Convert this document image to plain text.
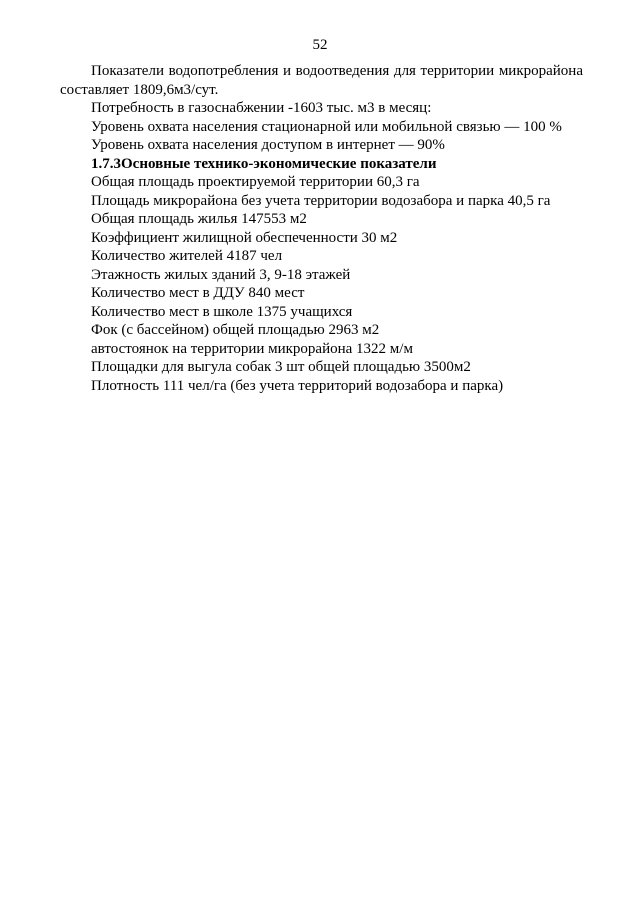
52
Показатели водопотребления и водоотведения для территории микрорайона
составляет 1809,6м3/сут.
Потребность в газоснабжении -1603 тыс. м3 в месяц:
Уровень охвата населения стационарной или мобильной связью — 100 %
Уровень охвата населения доступом в интернет — 90%
1.7.3Основные технико-экономические показатели
Общая площадь проектируемой территории 60,3 га
Площадь микрорайона без учета территории водозабора и парка 40,5 га
Общая площадь жилья 147553 м2
Коэффициент жилищной обеспеченности 30 м2
Количество жителей 4187 чел
Этажность жилых зданий 3, 9-18 этажей
Количество мест в ДДУ 840 мест
Количество мест в школе 1375 учащихся
Фок (с бассейном) общей площадью 2963 м2
автостоянок на территории микрорайона 1322 м/м
Площадки для выгула собак 3 шт общей площадью 3500м2
Плотность 111 чел/га (без учета территорий водозабора и парка)
